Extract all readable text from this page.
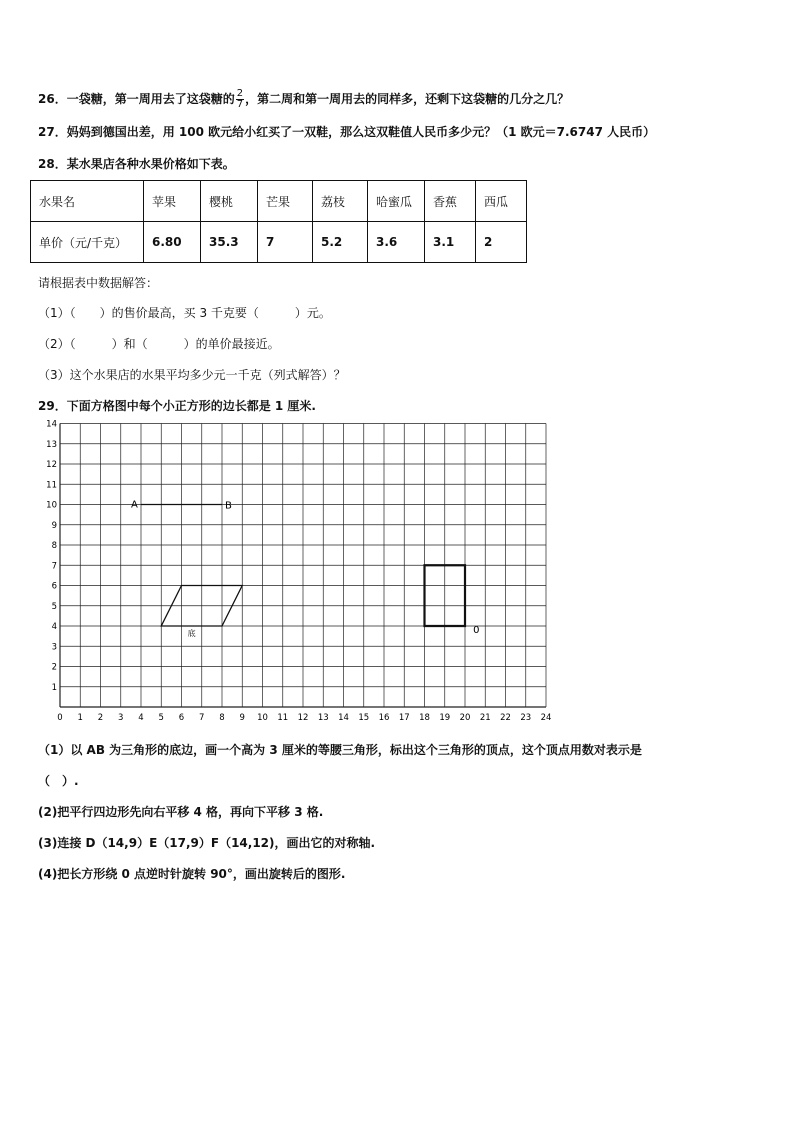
26．一袋糖，第一周用去了这袋糖的 $\frac{2}{7}$ ，第二周和第一周用去的同样多，还剩下这袋糖的几分之几？
27．妈妈到德国出差，用 100 欧元给小红买了一双鞋，那么这双鞋值人民币多少元？（1 欧元＝7.6747 人民币）
28．某水果店各种水果价格如下表。
水果名	苹果	樱桃	芒果	荔枝	哈蜜瓜	香蕉	西瓜
单价（元/千克）	6.80	35.3	7	5.2	3.6	3.1	2
请根据表中数据解答：
（1）（　　）的售价最高，买 3 千克要（　　　）元。
（2）（　　　）和（　　　）的单价最接近。
（3）这个水果店的水果平均多少元一千克（列式解答）？
29．下面方格图中每个小正方形的边长都是 1 厘米.
0 1 2 3 4 5 6 7 8 9 10 11 12 13 14 15 16 17 18 19 20 21 22 23 24
1
2
3
4
5
6
7
8
9
10
11
12
13
14
A	B
底	0
（1）以 AB 为三角形的底边，画一个高为 3 厘米的等腰三角形，标出这个三角形的顶点，这个顶点用数对表示是
（　）.
(2)把平行四边形先向右平移 4 格，再向下平移 3 格.
(3)连接 D（14,9）E（17,9）F（14,12)，画出它的对称轴.
(4)把长方形绕 0 点逆时针旋转 90°，画出旋转后的图形.
